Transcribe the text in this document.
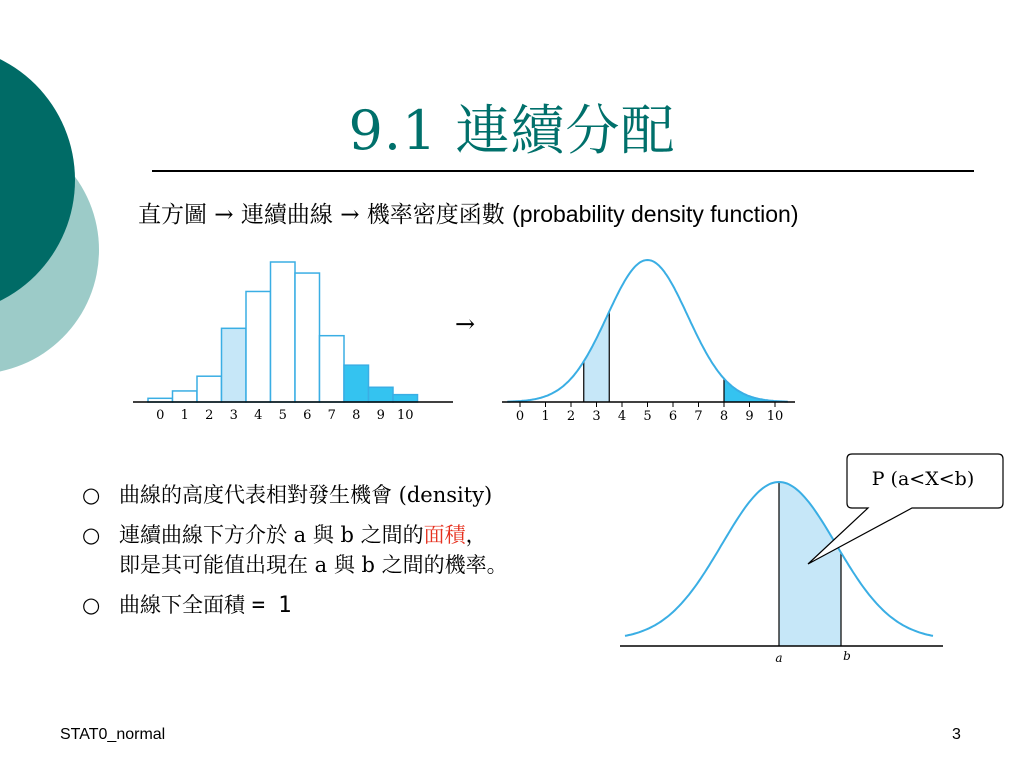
9.1 連續分配
直方圖 → 連續曲線 → 機率密度函數 (probability density function)
0 1 2 3 4 5 6 7 8 9 10
→
0 1 2 3 4 5 6 7 8 9 10
○ 曲線的高度代表相對發生機會 (density)
○ 連續曲線下方介於 a 與 b 之間的面積，
即是其可能值出現在 a 與 b 之間的機率。
○ 曲線下全面積 = 1
a	b
P (a<X<b)
STAT0_normal	3
